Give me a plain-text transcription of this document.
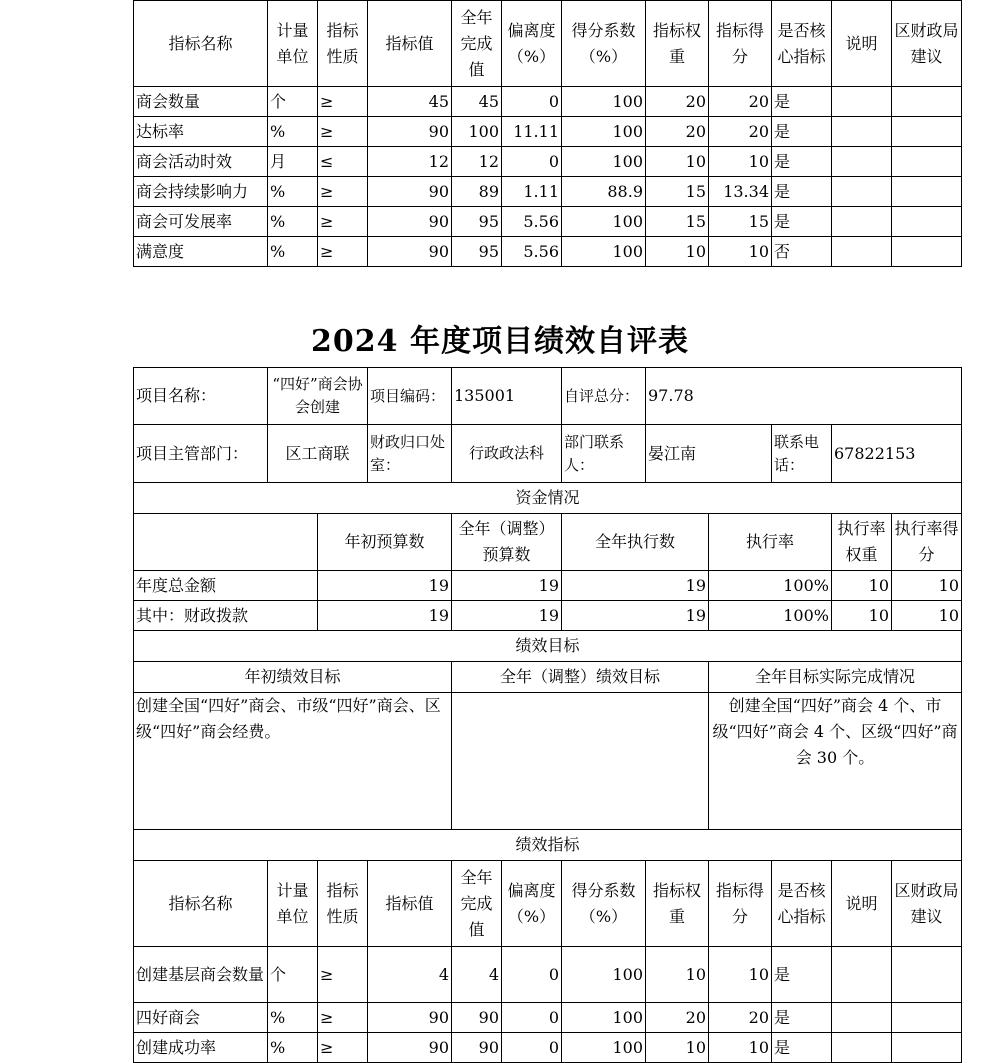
指标名称	计量单位	指标性质	指标值	全年完成值	偏离度（%）	得分系数（%）	指标权重	指标得分	是否核心指标	说明	区财政局建议
商会数量	个	≥	45	45	0	100	20	20	是		
达标率	%	≥	90	100	11.11	100	20	20	是		
商会活动时效	月	≤	12	12	0	100	10	10	是		
商会持续影响力	%	≥	90	89	1.11	88.9	15	13.34	是		
商会可发展率	%	≥	90	95	5.56	100	15	15	是		
满意度	%	≥	90	95	5.56	100	10	10	否		
2024 年度项目绩效自评表
项目名称：	“四好”商会协会创建		项目编码：	135001		自评总分：	97.78				
项目主管部门：	区工商联		财政归口处室：	行政政法科		部门联系人：	晏江南		联系电话：	67822153	
资金情况											
		年初预算数		全年（调整）预算数		全年执行数		执行率		执行率权重	执行率得分
年度总金额		19		19		19		100%		10	10
其中：财政拨款		19		19		19		100%		10	10
绩效目标											
年初绩效目标				全年（调整）绩效目标				全年目标实际完成情况			
创建全国“四好”商会、市级“四好”商会、区级“四好”商会经费。								创建全国“四好”商会 4 个、市级“四好”商会 4 个、区级“四好”商会 30 个。			
绩效指标											
指标名称	计量单位	指标性质	指标值	全年完成值	偏离度（%）	得分系数（%）	指标权重	指标得分	是否核心指标	说明	区财政局建议
创建基层商会数量	个	≥	4	4	0	100	10	10	是		
四好商会	%	≥	90	90	0	100	20	20	是		
创建成功率	%	≥	90	90	0	100	10	10	是		
